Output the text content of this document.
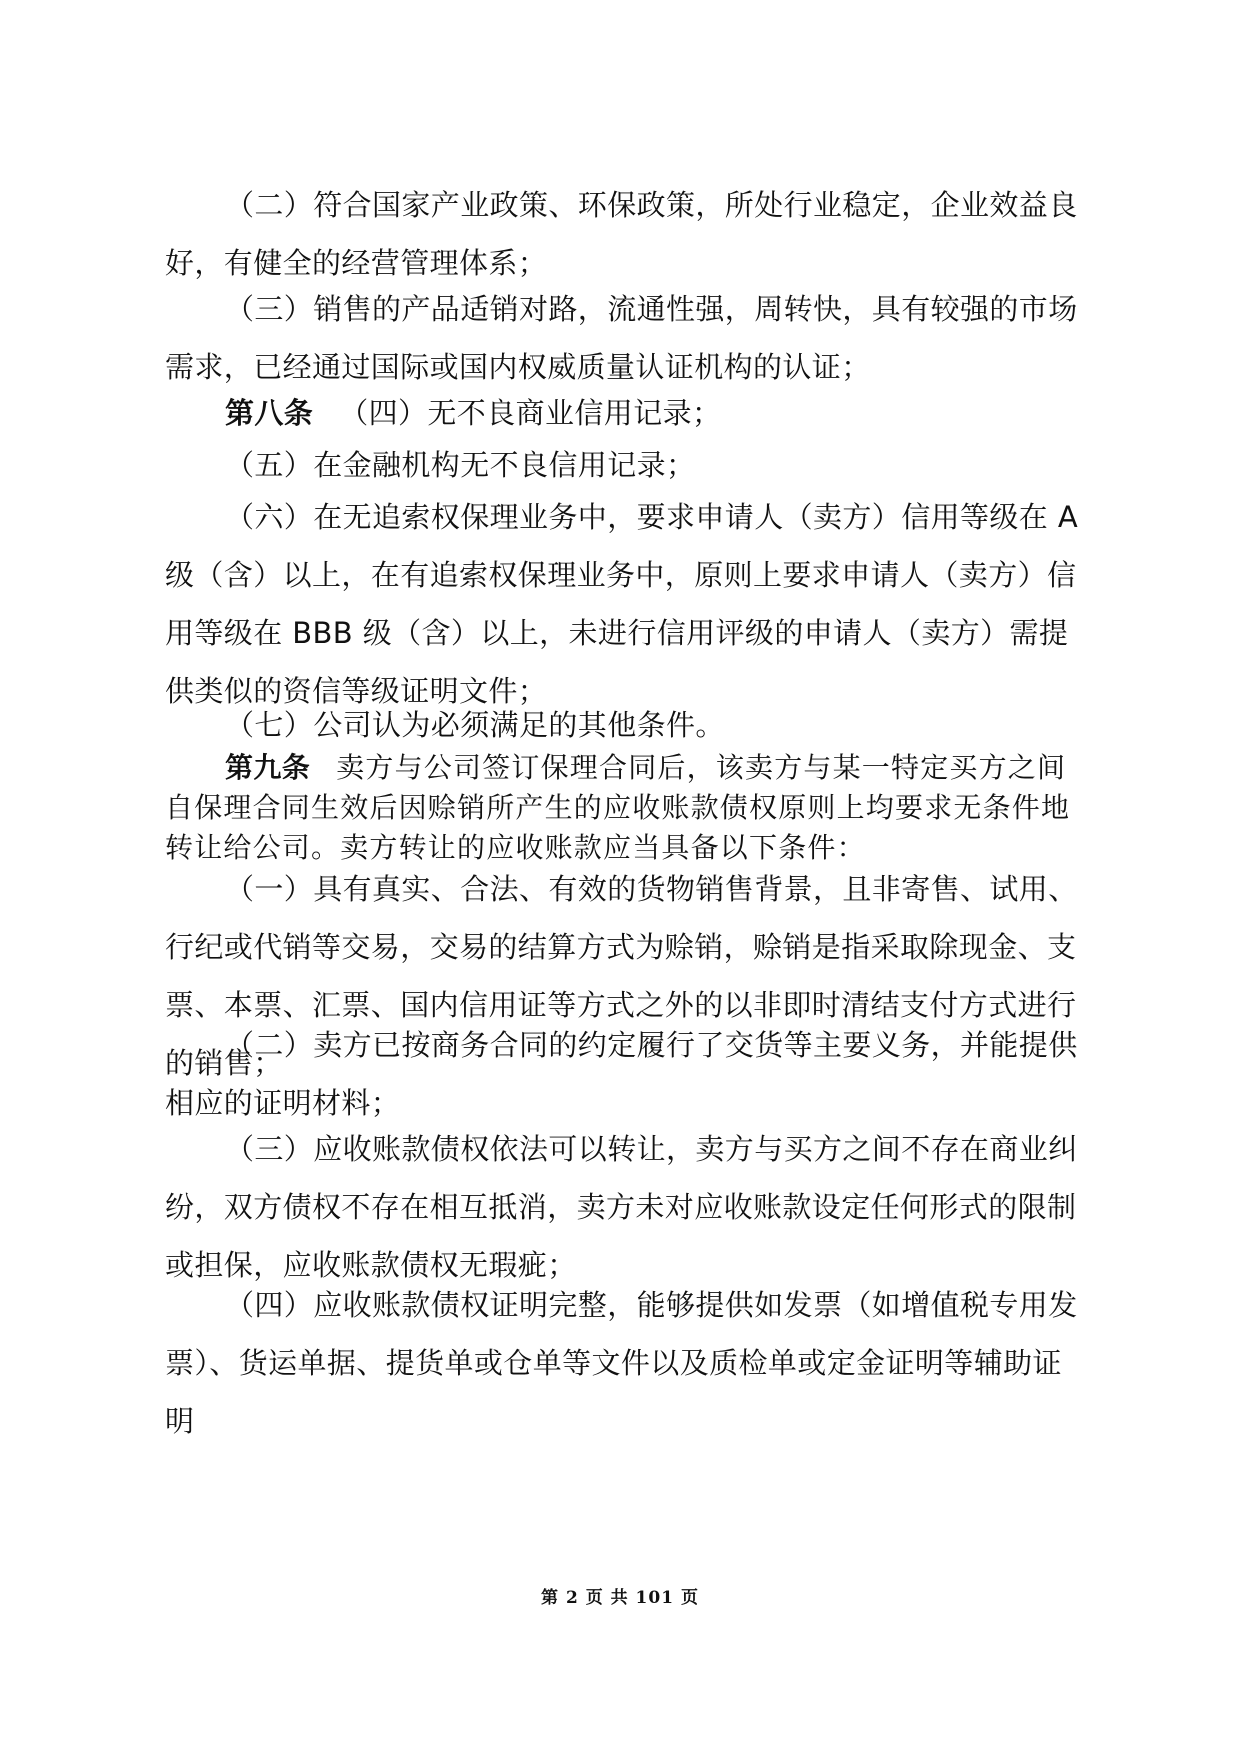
（二）符合国家产业政策、环保政策，所处行业稳定，企业效益良好，有健全的经营管理体系；

（三）销售的产品适销对路，流通性强，周转快，具有较强的市场需求，已经通过国际或国内权威质量认证机构的认证；

第八条 （四）无不良商业信用记录；

（五）在金融机构无不良信用记录；

（六）在无追索权保理业务中，要求申请人（卖方）信用等级在 A 级（含）以上，在有追索权保理业务中，原则上要求申请人（卖方）信用等级在 BBB 级（含）以上，未进行信用评级的申请人（卖方）需提供类似的资信等级证明文件；

（七）公司认为必须满足的其他条件。

第九条 卖方与公司签订保理合同后，该卖方与某一特定买方之间自保理合同生效后因赊销所产生的应收账款债权原则上均要求无条件地转让给公司。卖方转让的应收账款应当具备以下条件：

（一）具有真实、合法、有效的货物销售背景，且非寄售、试用、行纪或代销等交易，交易的结算方式为赊销，赊销是指采取除现金、支票、本票、汇票、国内信用证等方式之外的以非即时清结支付方式进行的销售；

（二）卖方已按商务合同的约定履行了交货等主要义务，并能提供相应的证明材料；

（三）应收账款债权依法可以转让，卖方与买方之间不存在商业纠纷，双方债权不存在相互抵消，卖方未对应收账款设定任何形式的限制或担保，应收账款债权无瑕疵；

（四）应收账款债权证明完整，能够提供如发票（如增值税专用发票）、货运单据、提货单或仓单等文件以及质检单或定金证明等辅助证明

第 2 页 共 101 页
